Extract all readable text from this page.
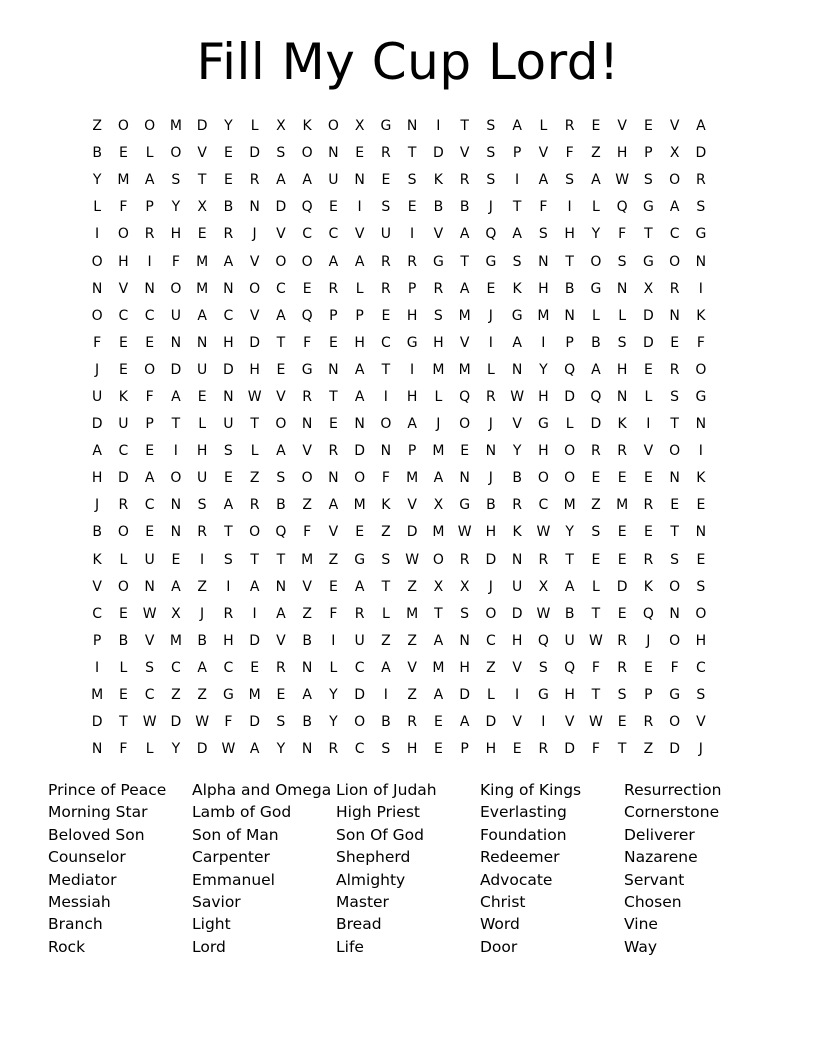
Fill My Cup Lord!
Z	O	O	M	D	Y	L	X	K	O	X	G	N	I	T	S	A	L	R	E	V	E	V	A
B	E	L	O	V	E	D	S	O	N	E	R	T	D	V	S	P	V	F	Z	H	P	X	D
Y	M	A	S	T	E	R	A	A	U	N	E	S	K	R	S	I	A	S	A	W	S	O	R
L	F	P	Y	X	B	N	D	Q	E	I	S	E	B	B	J	T	F	I	L	Q	G	A	S
I	O	R	H	E	R	J	V	C	C	V	U	I	V	A	Q	A	S	H	Y	F	T	C	G
O	H	I	F	M	A	V	O	O	A	A	R	R	G	T	G	S	N	T	O	S	G	O	N
N	V	N	O	M	N	O	C	E	R	L	R	P	R	A	E	K	H	B	G	N	X	R	I
O	C	C	U	A	C	V	A	Q	P	P	E	H	S	M	J	G	M	N	L	L	D	N	K
F	E	E	N	N	H	D	T	F	E	H	C	G	H	V	I	A	I	P	B	S	D	E	F
J	E	O	D	U	D	H	E	G	N	A	T	I	M	M	L	N	Y	Q	A	H	E	R	O
U	K	F	A	E	N	W	V	R	T	A	I	H	L	Q	R	W	H	D	Q	N	L	S	G
D	U	P	T	L	U	T	O	N	E	N	O	A	J	O	J	V	G	L	D	K	I	T	N
A	C	E	I	H	S	L	A	V	R	D	N	P	M	E	N	Y	H	O	R	R	V	O	I
H	D	A	O	U	E	Z	S	O	N	O	F	M	A	N	J	B	O	O	E	E	E	N	K
J	R	C	N	S	A	R	B	Z	A	M	K	V	X	G	B	R	C	M	Z	M	R	E	E
B	O	E	N	R	T	O	Q	F	V	E	Z	D	M W	H	K	W	Y	S	E	E	T	N
K	L	U	E	I	S	T	T	M	Z	G	S	W O	R	D	N	R	T	E	E	R	S	E
V	O	N	A	Z	I	A	N	V	E	A	T	Z	X	X	J	U	X	A	L	D	K	O	S
C	E	W	X	J	R	I	A	Z	F	R	L	M	T	S	O	D W	B	T	E	Q	N	O
P	B	V	M	B	H	D	V	B	I	U	Z	Z	A	N	C	H	Q	U	W	R	J	O	H
I	L	S	C	A	C	E	R	N	L	C	A	V	M	H	Z	V	S	Q	F	R	E	F	C
M	E	C	Z	Z	G	M	E	A	Y	D	I	Z	A	D	L	I	G	H	T	S	P	G	S
D	T	W D W	F	D	S	B	Y	O	B	R	E	A	D	V	I	V	W	E	R	O	V
N	F	L	Y	D W	A	Y	N	R	C	S	H	E	P	H	E	R	D	F	T	Z	D	J
Prince of Peace
Morning Star
Beloved Son
Counselor
Mediator
Messiah
Branch
Rock
Alpha and Omega
Lamb of God
Son of Man
Carpenter
Emmanuel
Savior
Light
Lord
Lion of Judah
High Priest
Son Of God
Shepherd
Almighty
Master
Bread
Life
King of Kings
Everlasting
Foundation
Redeemer
Advocate
Christ
Word
Door
Resurrection
Cornerstone
Deliverer
Nazarene
Servant
Chosen
Vine
Way
